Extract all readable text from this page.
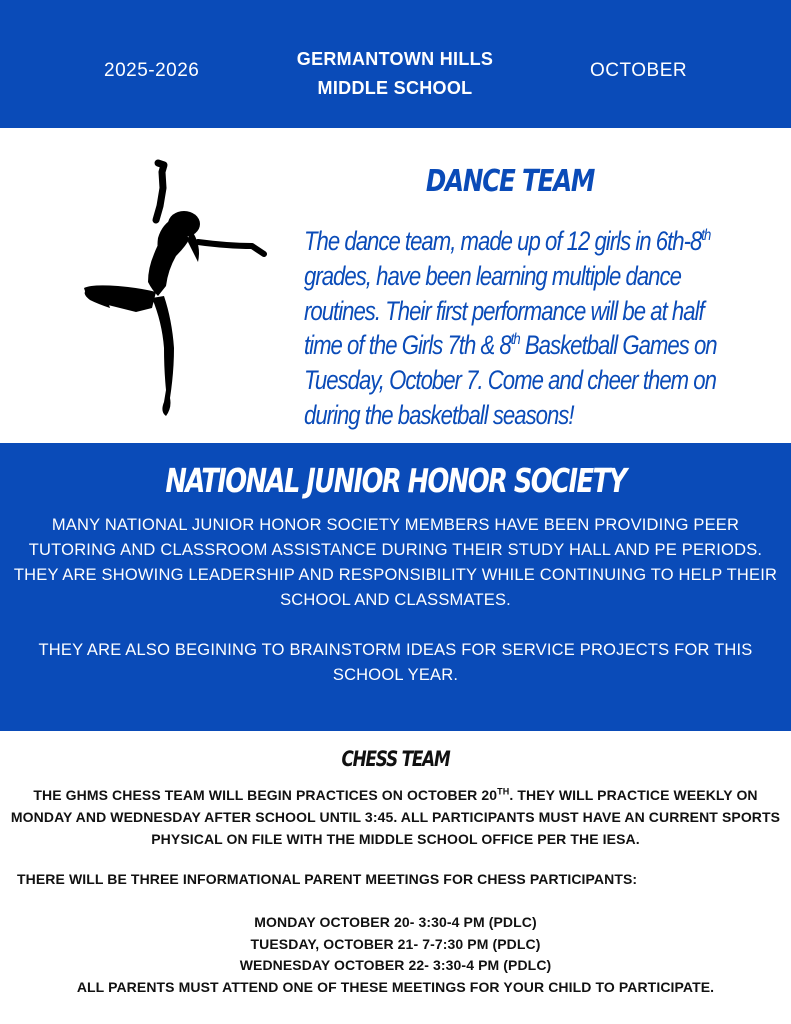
2025-2026
GERMANTOWN HILLS
MIDDLE SCHOOL
OCTOBER
DANCE TEAM

The dance team, made up of 12 girls in 6th-8th

grades, have been learning multiple dance

routines. Their first performance will be at half

time of the Girls 7th & 8th Basketball Games on

Tuesday, October 7. Come and cheer them on

during the basketball seasons!

NATIONAL JUNIOR HONOR SOCIETY
MANY NATIONAL JUNIOR HONOR SOCIETY MEMBERS HAVE BEEN PROVIDING PEER TUTORING AND CLASSROOM ASSISTANCE DURING THEIR STUDY HALL AND PE PERIODS. THEY ARE SHOWING LEADERSHIP AND RESPONSIBILITY WHILE CONTINUING TO HELP THEIR SCHOOL AND CLASSMATES.
THEY ARE ALSO BEGINING TO BRAINSTORM IDEAS FOR SERVICE PROJECTS FOR THIS SCHOOL YEAR.
CHESS TEAM
THE GHMS CHESS TEAM WILL BEGIN PRACTICES ON OCTOBER 20TH. THEY WILL PRACTICE WEEKLY ON MONDAY AND WEDNESDAY AFTER SCHOOL UNTIL 3:45. ALL PARTICIPANTS MUST HAVE AN CURRENT SPORTS PHYSICAL ON FILE WITH THE MIDDLE SCHOOL OFFICE PER THE IESA.
THERE WILL BE THREE INFORMATIONAL PARENT MEETINGS FOR CHESS PARTICIPANTS:
MONDAY OCTOBER 20- 3:30-4 PM (PDLC)
TUESDAY, OCTOBER 21- 7-7:30 PM (PDLC)
WEDNESDAY OCTOBER 22- 3:30-4 PM (PDLC)
ALL PARENTS MUST ATTEND ONE OF THESE MEETINGS FOR YOUR CHILD TO PARTICIPATE.
